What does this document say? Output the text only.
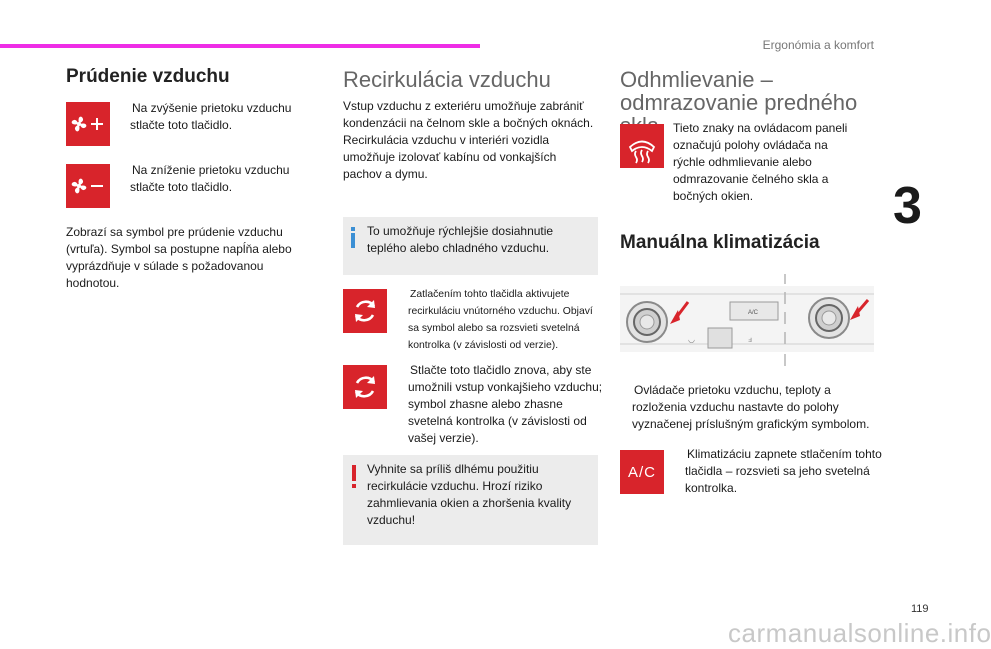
Ergonómia a komfort
3
119
carmanualsonline.info
Prúdenie vzduchu
Na zvýšenie prietoku vzduchu stlačte toto tlačidlo.
Na zníženie prietoku vzduchu stlačte toto tlačidlo.
Zobrazí sa symbol pre prúdenie vzduchu (vrtuľa). Symbol sa postupne napĺňa alebo vyprázdňuje v súlade s požadovanou hodnotou.
Recirkulácia vzduchu
Vstup vzduchu z exteriéru umožňuje zabrániť kondenzácii na čelnom skle a bočných oknách. Recirkulácia vzduchu v interiéri vozidla umožňuje izolovať kabínu od vonkajších pachov a dymu.
To umožňuje rýchlejšie dosiahnutie teplého alebo chladného vzduchu.
Zatlačením tohto tlačidla aktivujete recirkuláciu vnútorného vzduchu. Objaví sa symbol alebo sa rozsvieti svetelná kontrolka (v závislosti od verzie).
Stlačte toto tlačidlo znova, aby ste umožnili vstup vonkajšieho vzduchu; symbol zhasne alebo zhasne svetelná kontrolka (v závislosti od vašej verzie).
Vyhnite sa príliš dlhému použitiu recirkulácie vzduchu. Hrozí riziko zahmlievania okien a zhoršenia kvality vzduchu!
Odhmlievanie –
odmrazovanie predného
Tieto znaky na ovládacom paneli označujú polohy ovládača na rýchle odhmlievanie alebo odmrazovanie čelného skla a bočných okien.
Manuálna klimatizácia
A/C
◡	ⅎ
Ovládače prietoku vzduchu, teploty a rozloženia vzduchu nastavte do polohy vyznačenej príslušným grafickým symbolom.
A/C
Klimatizáciu zapnete stlačením tohto tlačidla – rozsvieti sa jeho svetelná kontrolka.
